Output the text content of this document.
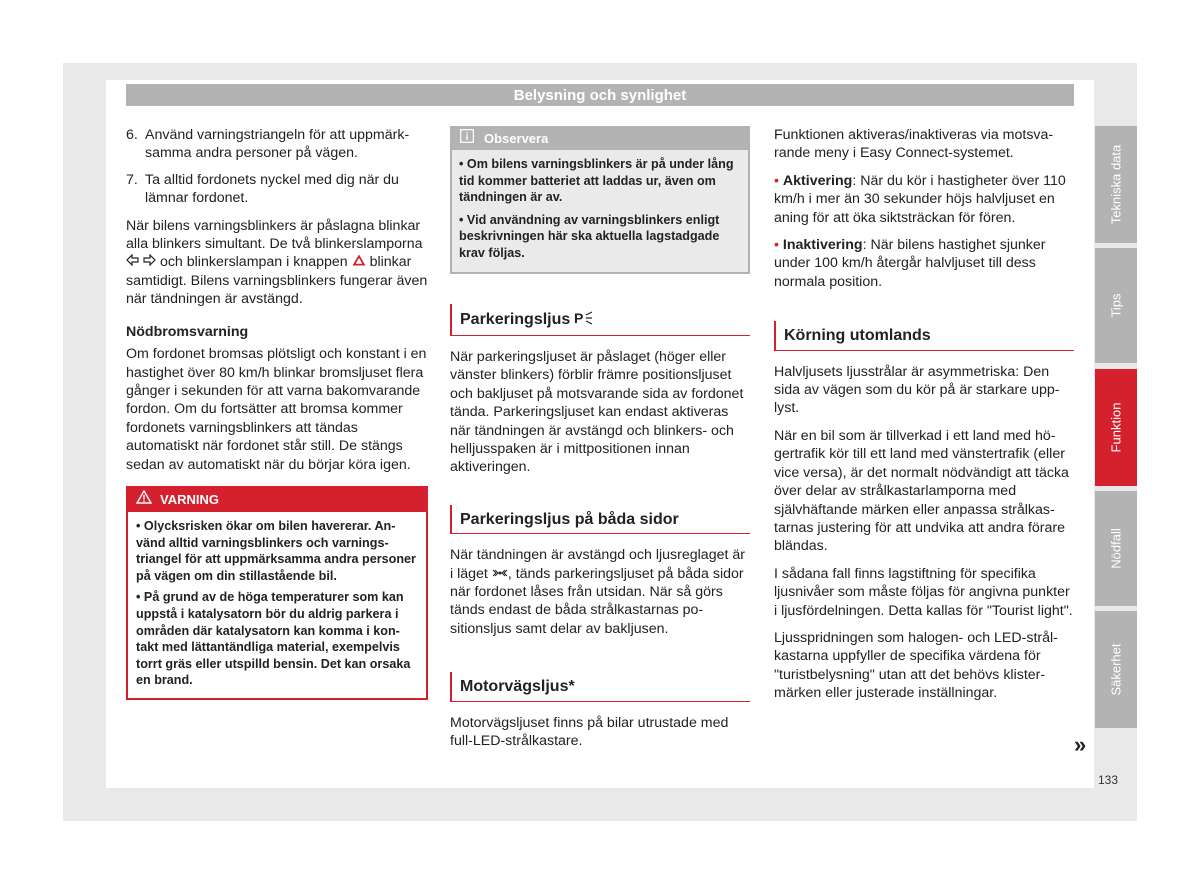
Belysning och synlighet
6. Använd varningstriangeln för att uppmärksamma andra personer på vägen.
7. Ta alltid fordonets nyckel med dig när du lämnar fordonet.

När bilens varningsblinkers är påslagna blinkar alla blinkers simultant. De två blinkerslamporna  och blinkerslampan i knappen blinkar samtidigt. Bilens varningsblinkers fungerar även när tändningen är avstängd.

Nödbromsvarning

Om fordonet bromsas plötsligt och konstant i en hastighet över 80 km/h blinkar bromsljuset flera gånger i sekunden för att varna bakomvarande fordon. Om du fortsätter att bromsa kommer fordonets varningsblinkers att tändas automatiskt när fordonet står still. De stängs sedan av automatiskt när du börjar köra igen.

VARNING

• Olycksrisken ökar om bilen havererar. Använd alltid varningsblinkers och varningstriangel för att uppmärksamma andra personer på vägen om din stillastående bil.

• På grund av de höga temperaturer som kan uppstå i katalysatorn bör du aldrig parkera i områden där katalysatorn kan komma i kontakt med lättantändliga material, exempelvis torrt gräs eller utspilld bensin. Det kan orsaka en brand.

Observera

• Om bilens varningsblinkers är på under lång tid kommer batteriet att laddas ur, även om tändningen är av.

• Vid användning av varningsblinkers enligt beskrivningen här ska aktuella lagstadgade krav följas.

Parkeringsljus P

När parkeringsljuset är påslaget (höger eller vänster blinkers) förblir främre positionsljuset och bakljuset på motsvarande sida av fordonet tända. Parkeringsljuset kan endast aktiveras när tändningen är avstängd och blinkers- och helljusspaken är i mittpositionen innan aktiveringen.

Parkeringsljus på båda sidor

När tändningen är avstängd och ljusreglaget är i läget , tänds parkeringsljuset på båda sidor när fordonet låses från utsidan. När så görs tänds endast de båda strålkastarnas positionsljus samt delar av bakljusen.

Motorvägsljus*

Motorvägsljuset finns på bilar utrustade med full-LED-strålkastare.

Funktionen aktiveras/inaktiveras via motsvarande meny i Easy Connect-systemet.

• Aktivering: När du kör i hastigheter över 110 km/h i mer än 30 sekunder höjs halvljuset en aning för att öka siktsträckan för fören.

• Inaktivering: När bilens hastighet sjunker under 100 km/h återgår halvljuset till dess normala position.

Körning utomlands

Halvljusets ljusstrålar är asymmetriska: Den sida av vägen som du kör på är starkare upplyst.

När en bil som är tillverkad i ett land med högertrafik kör till ett land med vänstertrafik (eller vice versa), är det normalt nödvändigt att täcka över delar av strålkastarlamporna med självhäftande märken eller anpassa strålkastarnas justering för att undvika att andra förare bländas.

I sådana fall finns lagstiftning för specifika ljusnivåer som måste följas för angivna punkter i ljusfördelningen. Detta kallas för "Tourist light".

Ljusspridningen som halogen- och LED-strålkastarna uppfyller de specifika värdena för "turistbelysning" utan att det behövs klistermärken eller justerade inställningar.

»
Tekniska data
Tips
Funktion
Nödfall
Säkerhet
133
